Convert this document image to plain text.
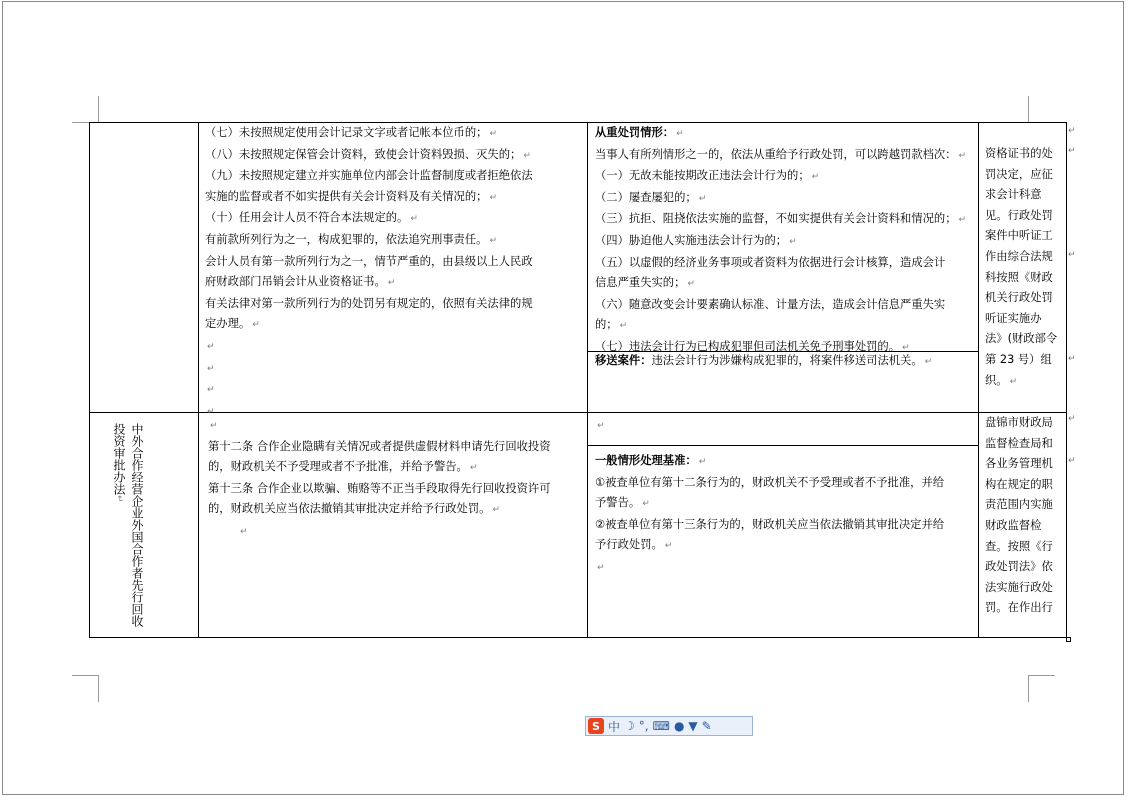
（七）未按照规定使用会计记录文字或者记帐本位币的； ↵

（八）未按照规定保管会计资料，致使会计资料毁损、灭失的； ↵

（九）未按照规定建立并实施单位内部会计监督制度或者拒绝依法

实施的监督或者不如实提供有关会计资料及有关情况的； ↵

（十）任用会计人员不符合本法规定的。 ↵

有前款所列行为之一，构成犯罪的，依法追究刑事责任。 ↵

会计人员有第一款所列行为之一，情节严重的，由县级以上人民政

府财政部门吊销会计从业资格证书。 ↵

有关法律对第一款所列行为的处罚另有规定的，依照有关法律的规

定办理。 ↵

↵

↵

↵

↵

从重处罚情形： ↵

当事人有所列情形之一的，依法从重给予行政处罚，可以跨越罚款档次： ↵

（一）无故未能按期改正违法会计行为的； ↵

（二）屡查屡犯的； ↵

（三）抗拒、阻挠依法实施的监督，不如实提供有关会计资料和情况的； ↵

（四）胁迫他人实施违法会计行为的； ↵

（五）以虚假的经济业务事项或者资料为依据进行会计核算，造成会计

信息严重失实的； ↵

（六）随意改变会计要素确认标准、计量方法，造成会计信息严重失实

的； ↵

（七）违法会计行为已构成犯罪但司法机关免予刑事处罚的。 ↵

移送案件：违法会计行为涉嫌构成犯罪的，将案件移送司法机关。 ↵

资格证书的处

罚决定，应征

求会计科意

见。行政处罚

案件中听证工

作由综合法规

科按照《财政

机关行政处罚

听证实施办

法》(财政部令

第 23 号）组

织。 ↵

中外合作经营企业外国合作者先行回收投资审批办法↵

↵

第十二条 合作企业隐瞒有关情况或者提供虚假材料申请先行回收投资

的，财政机关不予受理或者不予批准，并给予警告。 ↵

第十三条 合作企业以欺骗、贿赂等不正当手段取得先行回收投资许可

的，财政机关应当依法撤销其审批决定并给予行政处罚。 ↵

↵

↵

一般情形处理基准： ↵

①被查单位有第十二条行为的，财政机关不予受理或者不予批准，并给

予警告。 ↵

②被查单位有第十三条行为的，财政机关应当依法撤销其审批决定并给

予行政处罚。 ↵

↵

盘锦市财政局

监督检查局和

各业务管理机

构在规定的职

责范围内实施

财政监督检

查。按照《行

政处罚法》依

法实施行政处

罚。在作出行

↵
↵
↵
↵
↵
↵
S 中 ☽ °, ⌨ ● ▼ ✎
